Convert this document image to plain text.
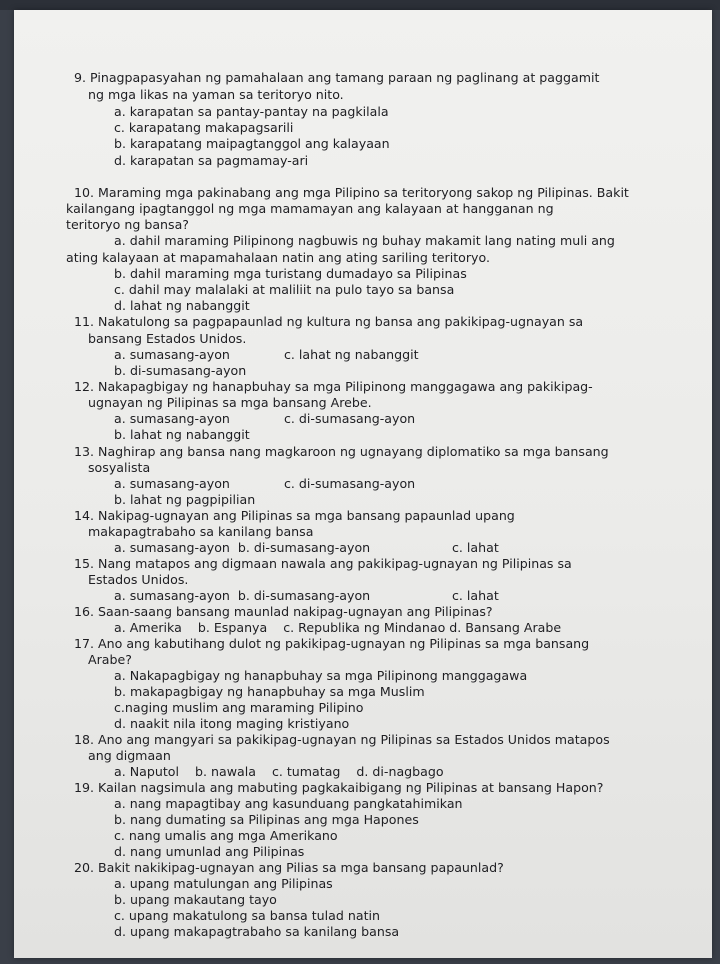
9. Pinagpapasyahan ng pamahalaan ang tamang paraan ng paglinang at paggamit
ng mga likas na yaman sa teritoryo nito.
a. karapatan sa pantay-pantay na pagkilala
c. karapatang makapagsarili
b. karapatang maipagtanggol ang kalayaan
d. karapatan sa pagmamay-ari
10. Maraming mga pakinabang ang mga Pilipino sa teritoryong sakop ng Pilipinas. Bakit
kailangang ipagtanggol ng mga mamamayan ang kalayaan at hangganan ng
teritoryo ng bansa?
a. dahil maraming Pilipinong nagbuwis ng buhay makamit lang nating muli ang
ating kalayaan at mapamahalaan natin ang ating sariling teritoryo.
b. dahil maraming mga turistang dumadayo sa Pilipinas
c. dahil may malalaki at maliliit na pulo tayo sa bansa
d. lahat ng nabanggit
11. Nakatulong sa pagpapaunlad ng kultura ng bansa ang pakikipag-ugnayan sa
bansang Estados Unidos.
a. sumasang-ayon	c. lahat ng nabanggit
b. di-sumasang-ayon
12. Nakapagbigay ng hanapbuhay sa mga Pilipinong manggagawa ang pakikipag-
ugnayan ng Pilipinas sa mga bansang Arebe.
a. sumasang-ayon	c. di-sumasang-ayon
b. lahat ng nabanggit
13. Naghirap ang bansa nang magkaroon ng ugnayang diplomatiko sa mga bansang
sosyalista
a. sumasang-ayon	c. di-sumasang-ayon
b. lahat ng pagpipilian
14. Nakipag-ugnayan ang Pilipinas sa mga bansang papaunlad upang
makapagtrabaho sa kanilang bansa
a. sumasang-ayon  b. di-sumasang-ayon	c. lahat
15. Nang matapos ang digmaan nawala ang pakikipag-ugnayan ng Pilipinas sa
Estados Unidos.
a. sumasang-ayon  b. di-sumasang-ayon	c. lahat
16. Saan-saang bansang maunlad nakipag-ugnayan ang Pilipinas?
a. Amerika    b. Espanya    c. Republika ng Mindanao d. Bansang Arabe
17. Ano ang kabutihang dulot ng pakikipag-ugnayan ng Pilipinas sa mga bansang
Arabe?
a. Nakapagbigay ng hanapbuhay sa mga Pilipinong manggagawa
b. makapagbigay ng hanapbuhay sa mga Muslim
c.naging muslim ang maraming Pilipino
d. naakit nila itong maging kristiyano
18. Ano ang mangyari sa pakikipag-ugnayan ng Pilipinas sa Estados Unidos matapos
ang digmaan
a. Naputol    b. nawala    c. tumatag    d. di-nagbago
19. Kailan nagsimula ang mabuting pagkakaibigang ng Pilipinas at bansang Hapon?
a. nang mapagtibay ang kasunduang pangkatahimikan
b. nang dumating sa Pilipinas ang mga Hapones
c. nang umalis ang mga Amerikano
d. nang umunlad ang Pilipinas
20. Bakit nakikipag-ugnayan ang Pilias sa mga bansang papaunlad?
a. upang matulungan ang Pilipinas
b. upang makautang tayo
c. upang makatulong sa bansa tulad natin
d. upang makapagtrabaho sa kanilang bansa
